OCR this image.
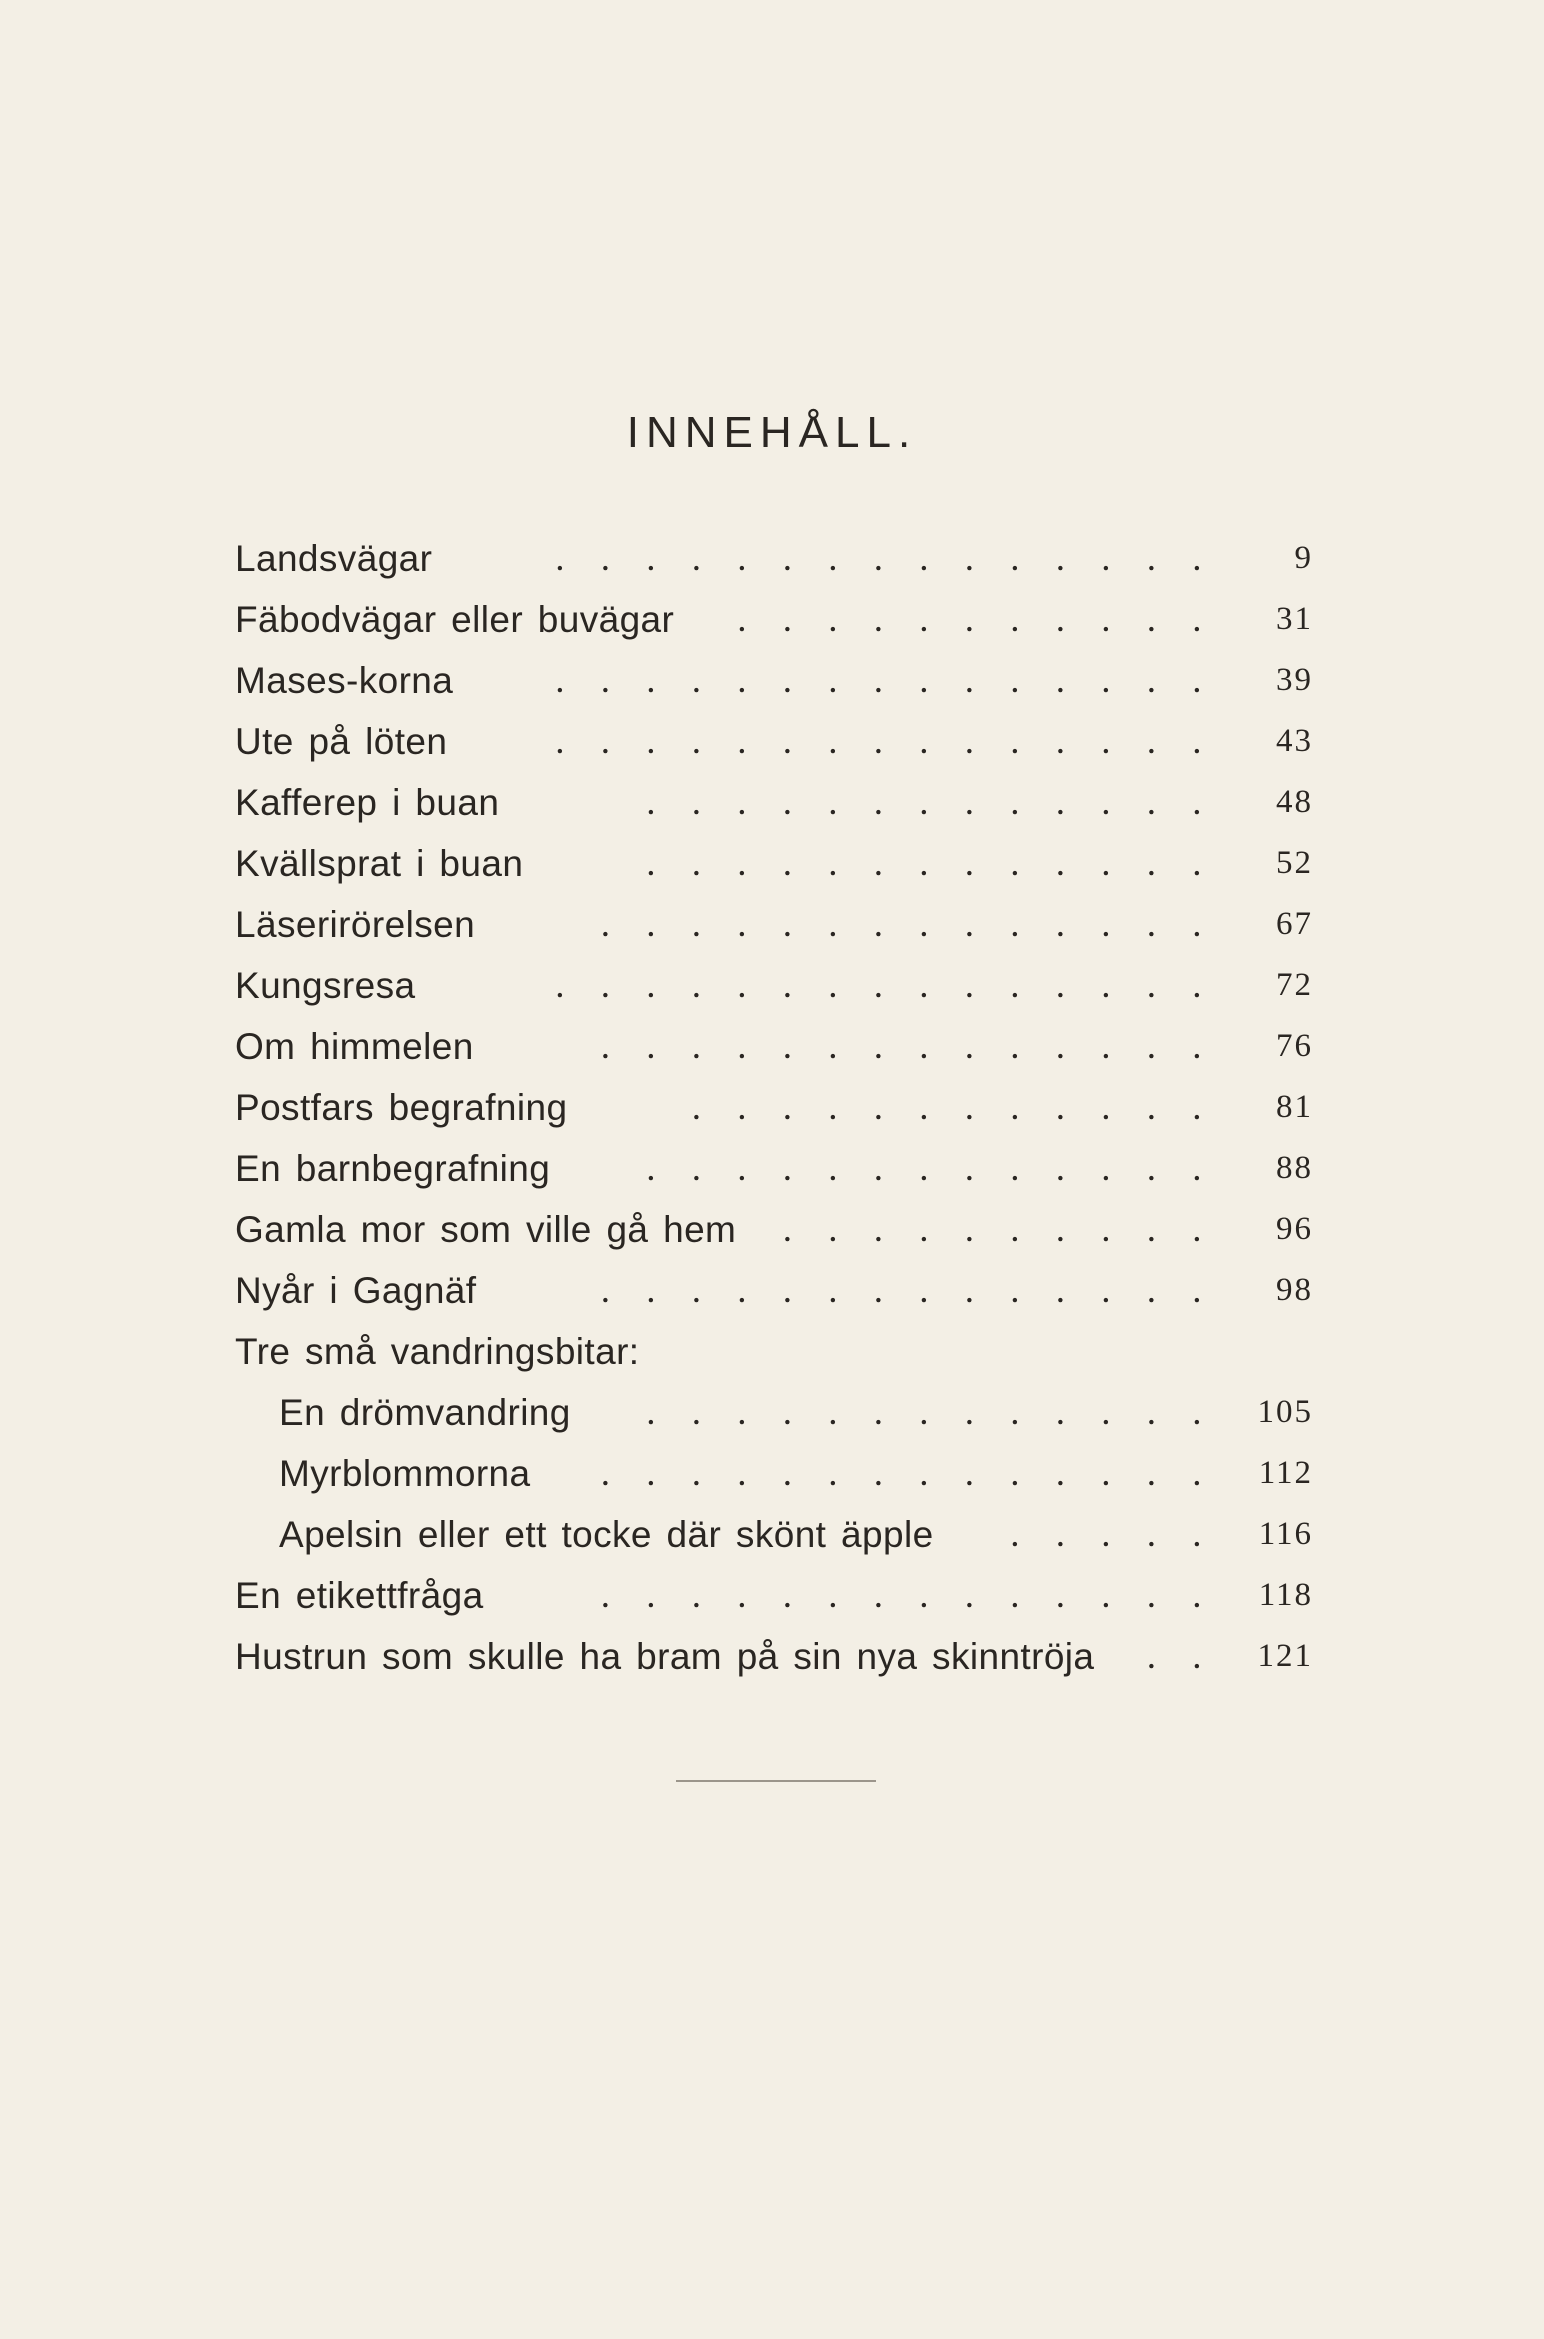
INNEHÅLL.
Landsvägar	. . . . . . . . . . . . . . .	9
Fäbodvägar eller buvägar . . . . . . . . . . .	31
Mases-korna	. . . . . . . . . . . . . . .	39
Ute på löten	. . . . . . . . . . . . . . .	43
Kafferep i buan	. . . . . . . . . . . . .	48
Kvällsprat i buan	. . . . . . . . . . . . .	52
Läserirörelsen	. . . . . . . . . . . . . .	67
Kungsresa	. . . . . . . . . . . . . . .	72
Om himmelen	. . . . . . . . . . . . . .	76
Postfars begrafning	. . . . . . . . . . . .	81
En barnbegrafning	. . . . . . . . . . . . .	88
Gamla mor som ville gå hem . . . . . . . . . .	96
Nyår i Gagnäf	. . . . . . . . . . . . . .	98
Tre små vandringsbitar:
En drömvandring . . . . . . . . . . . . .	105
Myrblommorna . . . . . . . . . . . . . .	112
Apelsin eller ett tocke där skönt äpple . . . . .	116
En etikettfråga	. . . . . . . . . . . . . .	118
Hustrun som skulle ha bram på sin nya skinntröja . .	121
